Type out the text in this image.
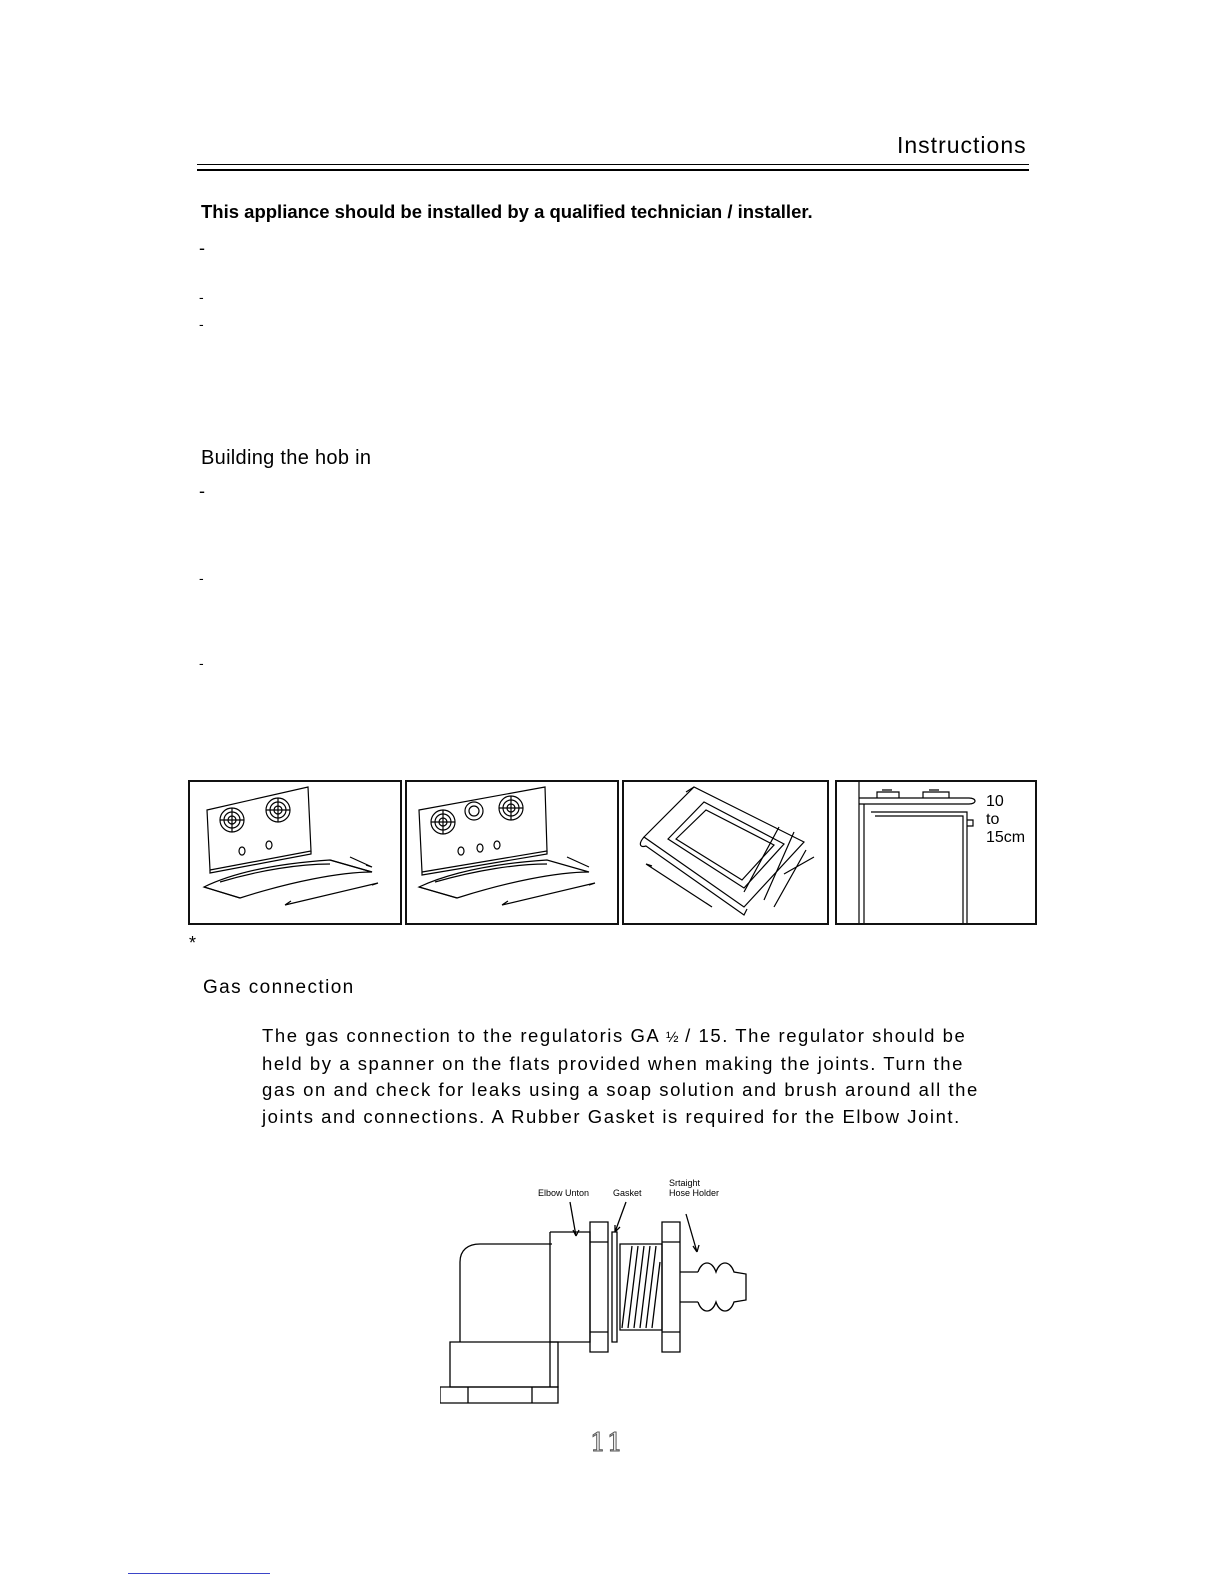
Instructions
This appliance should be installed by a qualified technician / installer.
-
-
-
Building the hob in
-
-
-
10
to
15cm
*
Gas connection
The gas connection to the regulatoris GA ½ / 15. The regulator should be
held by a spanner on the flats provided when making the joints. Turn the
gas on and check for leaks using a soap solution and brush around all the
joints and connections. A Rubber Gasket is required for the Elbow Joint.
Elbow Unton	Gasket
Srtaight
Hose Holder
11
